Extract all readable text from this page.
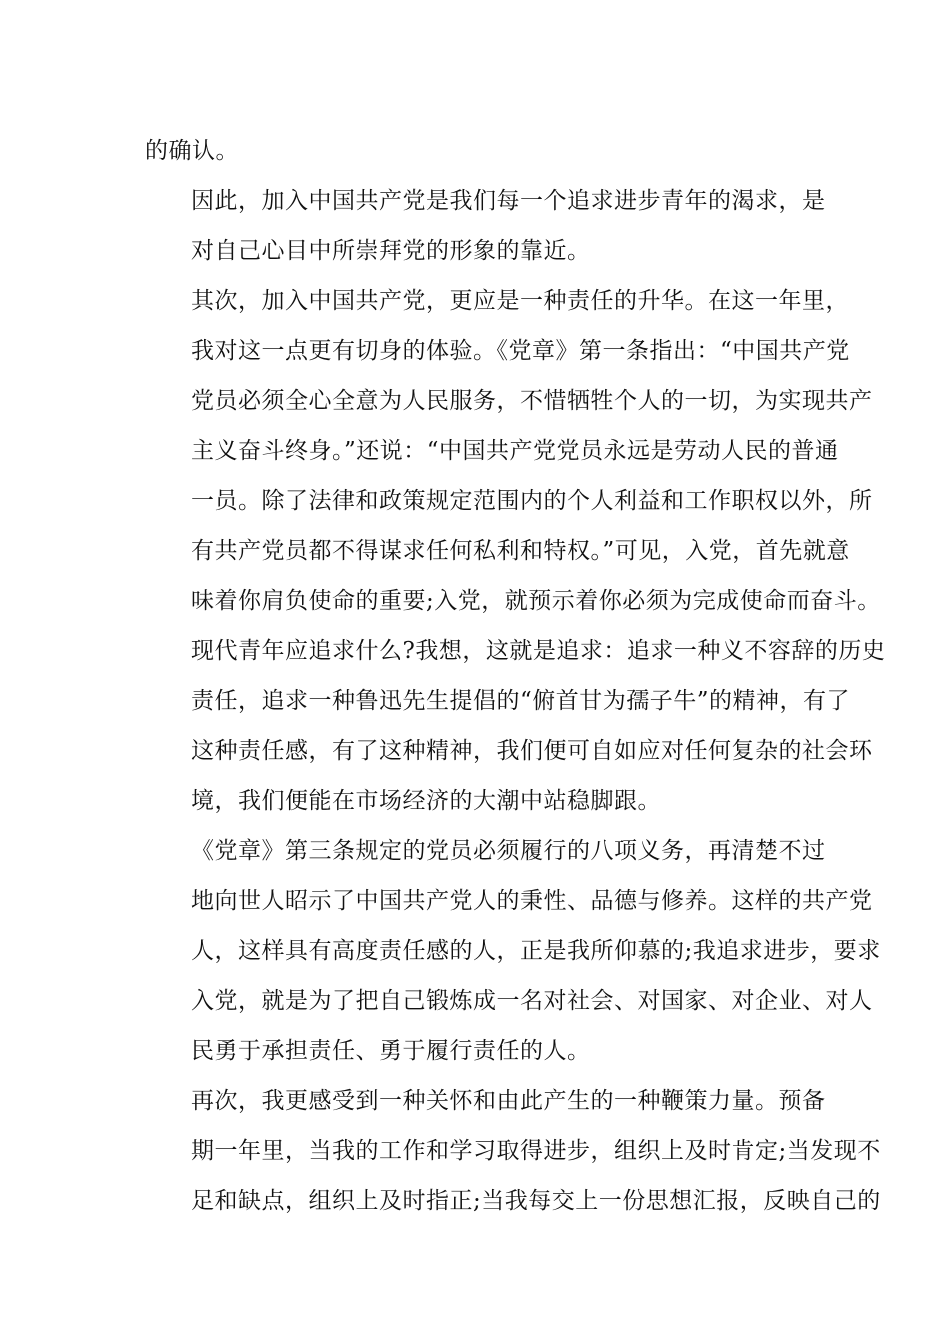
的确认。

因此，加入中国共产党是我们每一个追求进步青年的渴求，是
对自己心目中所崇拜党的形象的靠近。

其次，加入中国共产党，更应是一种责任的升华。在这一年里，
我对这一点更有切身的体验。《党章》第一条指出：“中国共产党
党员必须全心全意为人民服务，不惜牺牲个人的一切，为实现共产
主义奋斗终身。”还说：“中国共产党党员永远是劳动人民的普通
一员。除了法律和政策规定范围内的个人利益和工作职权以外，所
有共产党员都不得谋求任何私利和特权。”可见，入党，首先就意
味着你肩负使命的重要;入党，就预示着你必须为完成使命而奋斗。
现代青年应追求什么?我想，这就是追求：追求一种义不容辞的历史
责任，追求一种鲁迅先生提倡的“俯首甘为孺子牛”的精神，有了
这种责任感，有了这种精神，我们便可自如应对任何复杂的社会环
境，我们便能在市场经济的大潮中站稳脚跟。

《党章》第三条规定的党员必须履行的八项义务，再清楚不过
地向世人昭示了中国共产党人的秉性、品德与修养。这样的共产党
人，这样具有高度责任感的人，正是我所仰慕的;我追求进步，要求
入党，就是为了把自己锻炼成一名对社会、对国家、对企业、对人
民勇于承担责任、勇于履行责任的人。

再次，我更感受到一种关怀和由此产生的一种鞭策力量。预备
期一年里，当我的工作和学习取得进步，组织上及时肯定;当发现不
足和缺点，组织上及时指正;当我每交上一份思想汇报，反映自己的
